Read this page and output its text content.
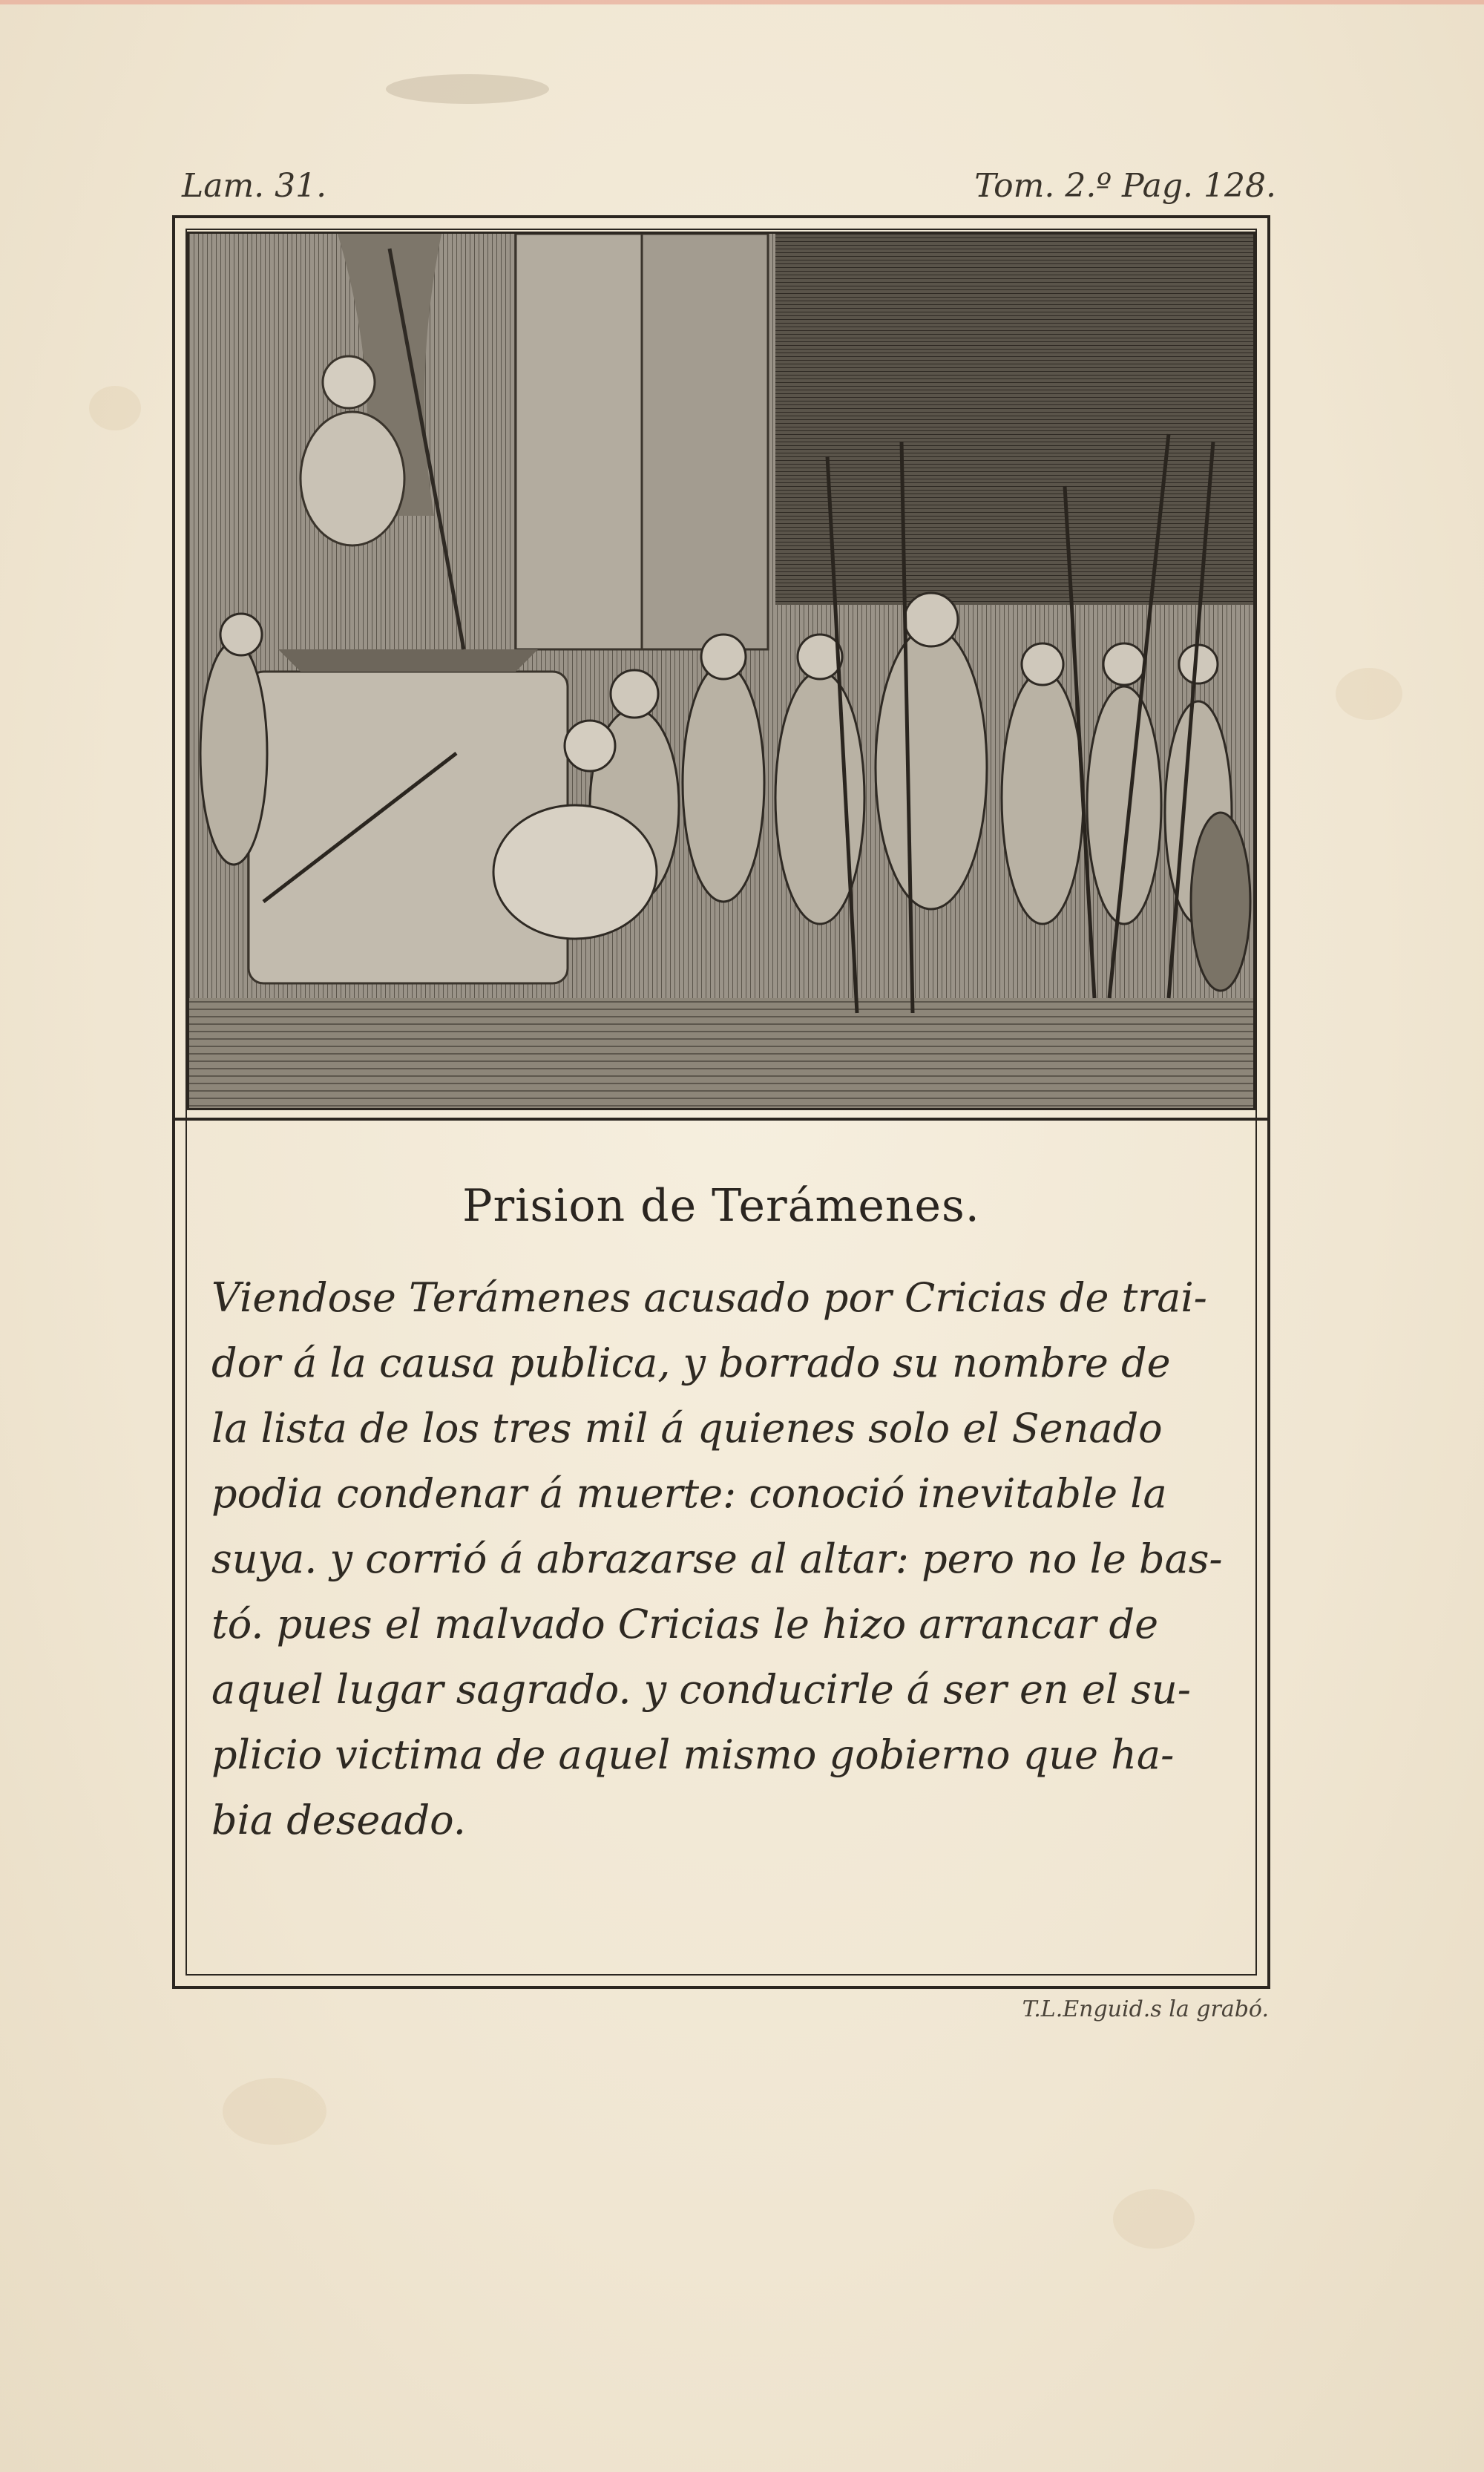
Lam. 31.	Tom. 2.º Pag. 128.
Prision de Terámenes.
Viendose Terámenes acusado por Cricias de trai-
dor á la causa publica, y borrado su nombre de
la lista de los tres mil á quienes solo el Senado
podia condenar á muerte: conoció inevitable la
suya. y corrió á abrazarse al altar: pero no le bas-
tó. pues el malvado Cricias le hizo arrancar de
aquel lugar sagrado. y conducirle á ser en el su-
plicio victima de aquel mismo gobierno que ha-
bia deseado.
T.L.Enguid.s la grabó.
